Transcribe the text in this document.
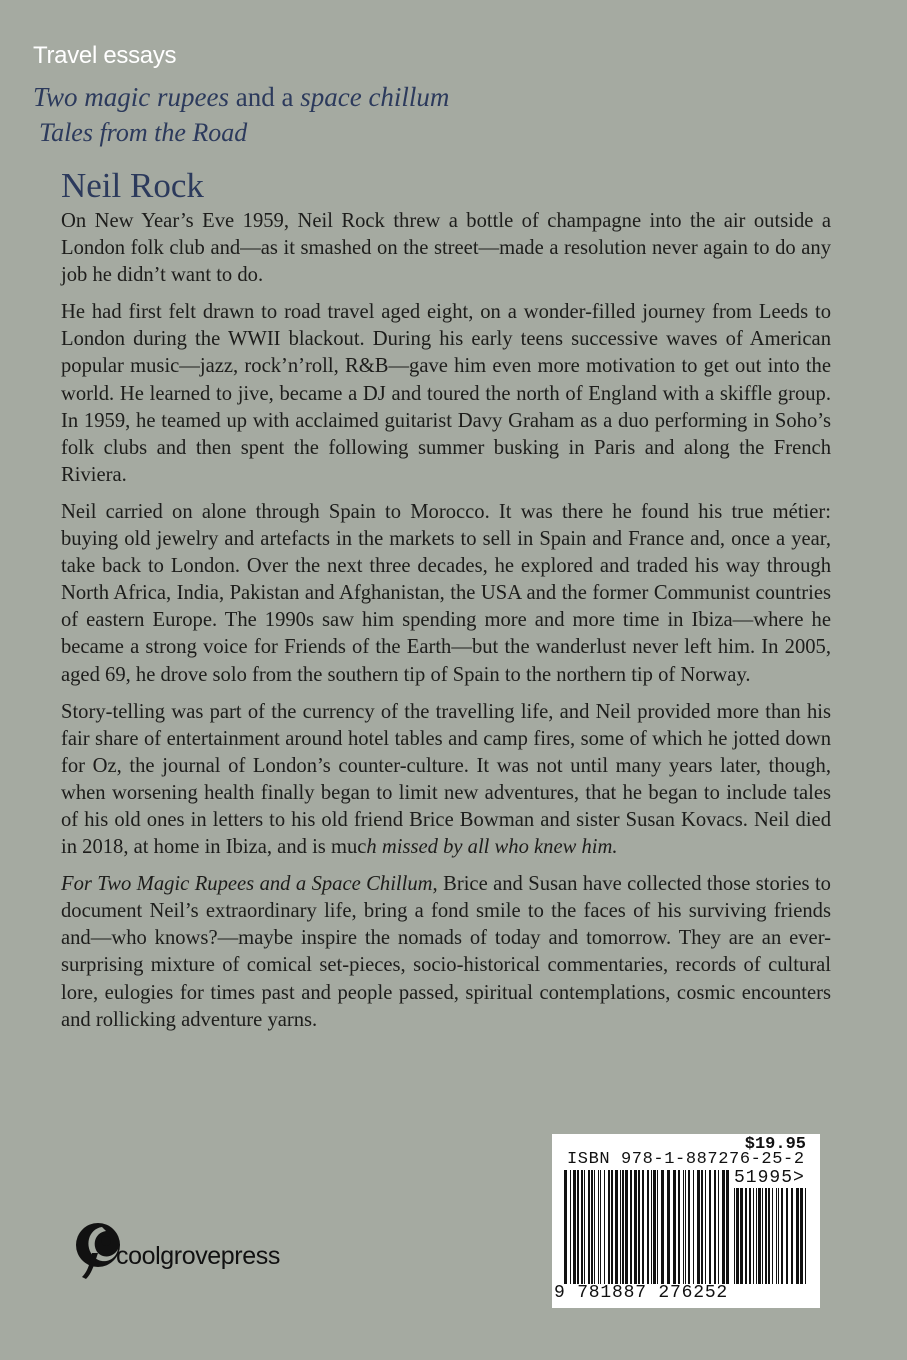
Travel essays
Two magic rupees and a space chillum
Tales from the Road
Neil Rock

On New Year’s Eve 1959, Neil Rock threw a bottle of champagne into the air outside a London folk club and—as it smashed on the street—made a resolution never again to do any job he didn’t want to do.

He had first felt drawn to road travel aged eight, on a wonder-filled journey from Leeds to London during the WWII blackout. During his early teens successive waves of American popular music—jazz, rock’n’roll, R&B—gave him even more motivation to get out into the world. He learned to jive, became a DJ and toured the north of England with a skiffle group. In 1959, he teamed up with acclaimed guitarist Davy Graham as a duo performing in Soho’s folk clubs and then spent the following summer busking in Paris and along the French Riviera.

Neil carried on alone through Spain to Morocco. It was there he found his true métier: buying old jewelry and artefacts in the markets to sell in Spain and France and, once a year, take back to London. Over the next three decades, he explored and traded his way through North Africa, India, Pakistan and Afghanistan, the USA and the former Communist countries of eastern Europe. The 1990s saw him spending more and more time in Ibiza—where he became a strong voice for Friends of the Earth—but the wanderlust never left him. In 2005, aged 69, he drove solo from the southern tip of Spain to the northern tip of Norway.

Story-telling was part of the currency of the travelling life, and Neil provided more than his fair share of entertainment around hotel tables and camp fires, some of which he jotted down for Oz, the journal of London’s counter-culture. It was not until many years later, though, when worsening health finally began to limit new adventures, that he began to include tales of his old ones in letters to his old friend Brice Bowman and sister Susan Kovacs. Neil died in 2018, at home in Ibiza, and is much missed by all who knew him.

For Two Magic Rupees and a Space Chillum, Brice and Susan have collected those stories to document Neil’s extraordinary life, bring a fond smile to the faces of his surviving friends and—who knows?—maybe inspire the nomads of today and tomorrow. They are an ever-surprising mixture of comical set-pieces, socio-historical commentaries, records of cultural lore, eulogies for times past and people passed, spiritual contemplations, cosmic encounters and rollicking adventure yarns.

coolgrovepress
$19.95
ISBN 978-1-887276-25-2
51995>
9 781887 276252
